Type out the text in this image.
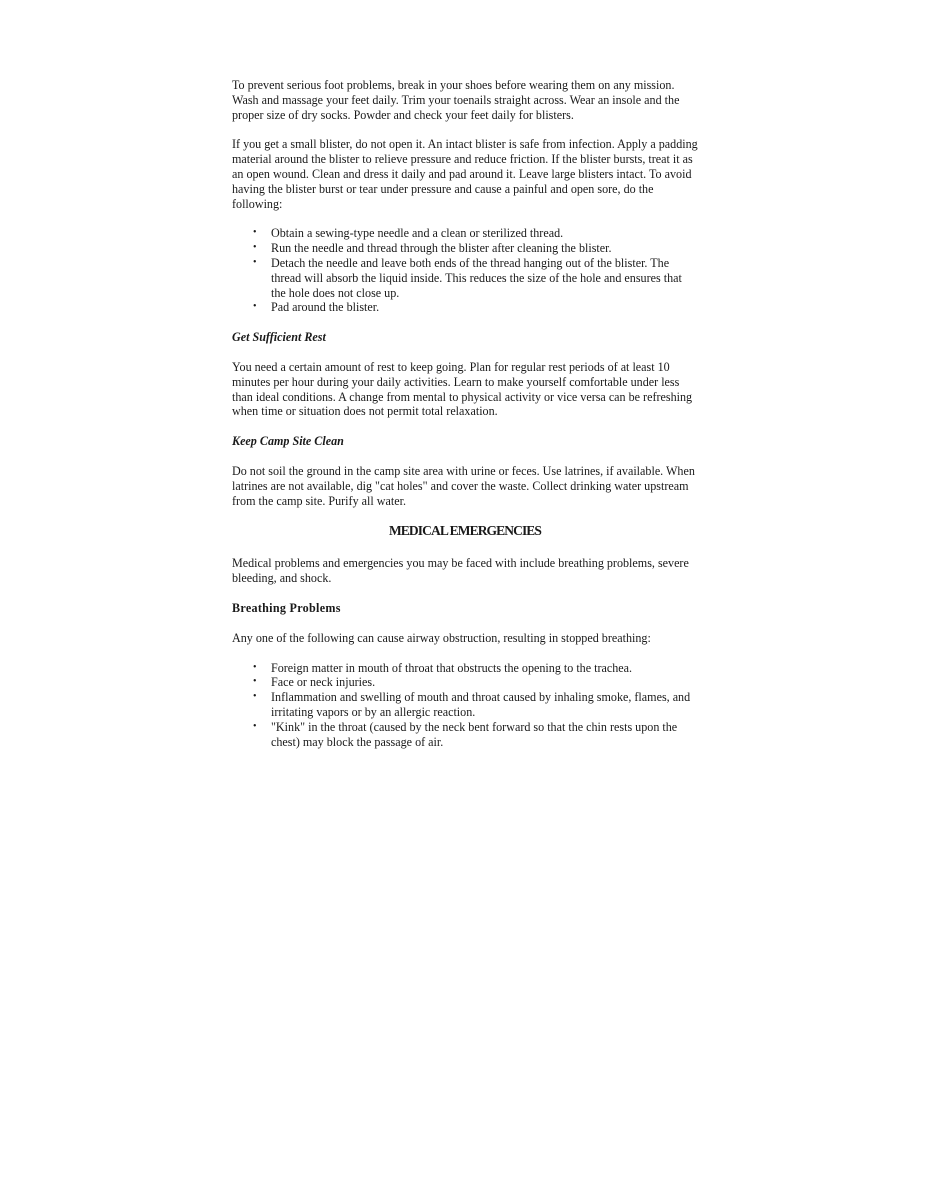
To prevent serious foot problems, break in your shoes before wearing them on any mission. Wash and massage your feet daily. Trim your toenails straight across. Wear an insole and the proper size of dry socks. Powder and check your feet daily for blisters.

If you get a small blister, do not open it. An intact blister is safe from infection. Apply a padding material around the blister to relieve pressure and reduce friction. If the blister bursts, treat it as an open wound. Clean and dress it daily and pad around it. Leave large blisters intact. To avoid having the blister burst or tear under pressure and cause a painful and open sore, do the following:

• Obtain a sewing-type needle and a clean or sterilized thread.
• Run the needle and thread through the blister after cleaning the blister.
• Detach the needle and leave both ends of the thread hanging out of the blister. The thread will absorb the liquid inside. This reduces the size of the hole and ensures that the hole does not close up.
• Pad around the blister.
Get Sufficient Rest

You need a certain amount of rest to keep going. Plan for regular rest periods of at least 10 minutes per hour during your daily activities. Learn to make yourself comfortable under less than ideal conditions. A change from mental to physical activity or vice versa can be refreshing when time or situation does not permit total relaxation.

Keep Camp Site Clean

Do not soil the ground in the camp site area with urine or feces. Use latrines, if available. When latrines are not available, dig "cat holes" and cover the waste. Collect drinking water upstream from the camp site. Purify all water.

MEDICAL EMERGENCIES

Medical problems and emergencies you may be faced with include breathing problems, severe bleeding, and shock.

Breathing Problems

Any one of the following can cause airway obstruction, resulting in stopped breathing:

• Foreign matter in mouth of throat that obstructs the opening to the trachea.
• Face or neck injuries.
• Inflammation and swelling of mouth and throat caused by inhaling smoke, flames, and irritating vapors or by an allergic reaction.
• "Kink" in the throat (caused by the neck bent forward so that the chin rests upon the chest) may block the passage of air.
